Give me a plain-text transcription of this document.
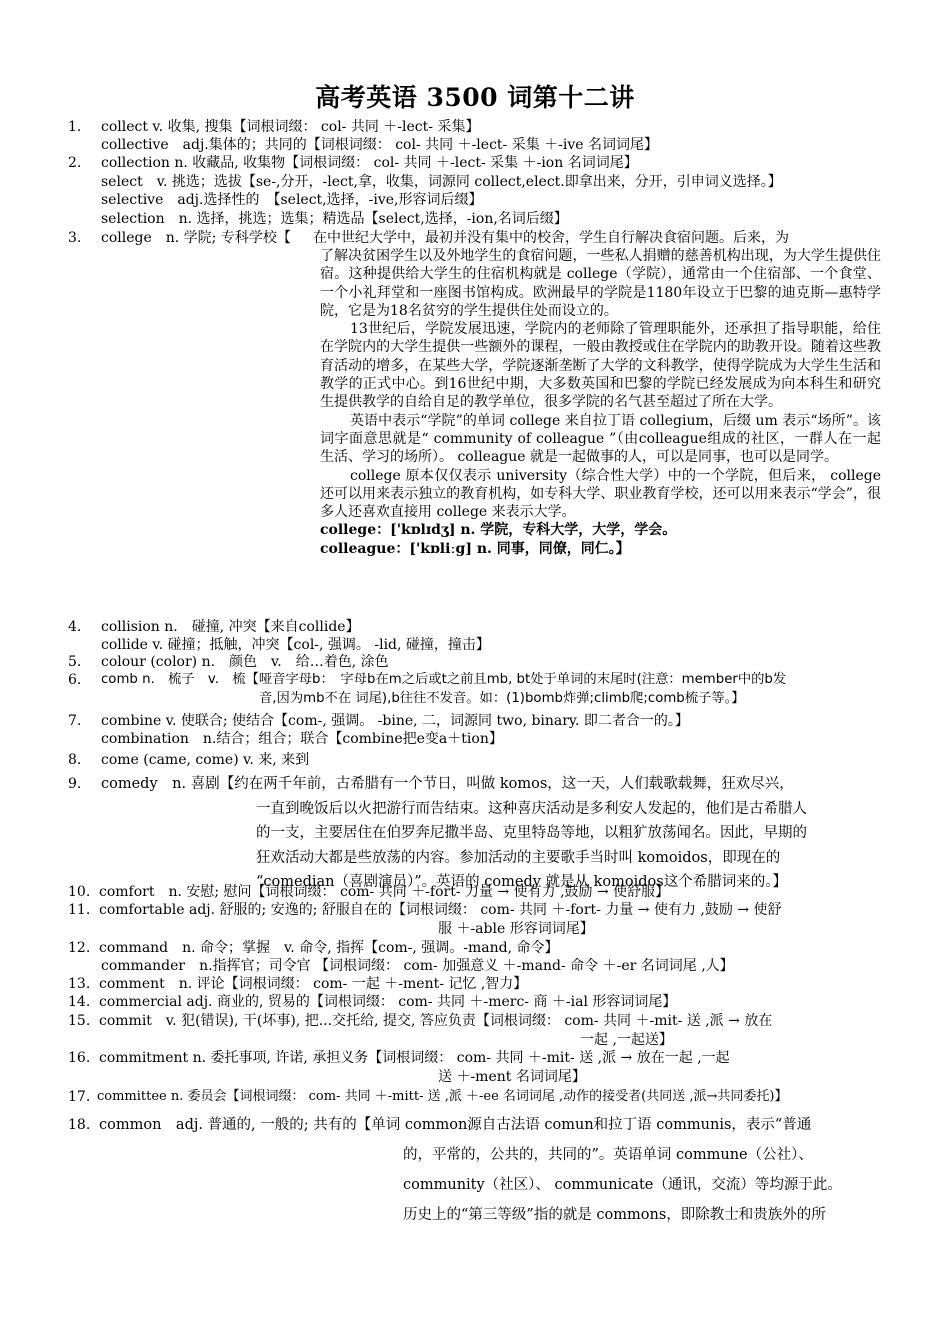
高考英语 3500 词第十二讲
1. collect v. 收集, 搜集【词根词缀： col- 共同 ＋-lect- 采集】
collective　adj.集体的；共同的【词根词缀： col- 共同 ＋-lect- 采集 ＋-ive 名词词尾】
2. collection n. 收藏品, 收集物【词根词缀： col- 共同 ＋-lect- 采集 ＋-ion 名词词尾】
select　v. 挑选；选拔【se-,分开，-lect,拿，收集，词源同 collect,elect.即拿出来，分开，引申词义选择。】
selective　adj.选择性的　【select,选择，-ive,形容词后缀】
selection　n. 选择，挑选；选集；精选品【select,选择，-ion,名词后缀】
3. college　n. 学院; 专科学校【 在中世纪大学中，最初并没有集中的校舍，学生自行解决食宿问题。后来，为

了解决贫困学生以及外地学生的食宿问题，一些私人捐赠的慈善机构出现，为大学生提供住宿。这种提供给大学生的住宿机构就是 college（学院），通常由一个住宿部、一个食堂、一个小礼拜堂和一座图书馆构成。欧洲最早的学院是1180年设立于巴黎的迪克斯—惠特学院，它是为18名贫穷的学生提供住处而设立的。

13世纪后，学院发展迅速，学院内的老师除了管理职能外，还承担了指导职能，给住在学院内的大学生提供一些额外的课程，一般由教授或住在学院内的助教开设。随着这些教育活动的增多，在某些大学，学院逐渐垄断了大学的文科教学，使得学院成为大学生生活和教学的正式中心。到16世纪中期，大多数英国和巴黎的学院已经发展成为向本科生和研究生提供教学的自给自足的教学单位，很多学院的名气甚至超过了所在大学。

英语中表示“学院”的单词 college 来自拉丁语 collegium，后缀 um 表示“场所”。该词字面意思就是“ community of colleague ”（由colleague组成的社区，一群人在一起生活、学习的场所）。 colleague 就是一起做事的人，可以是同事，也可以是同学。

college 原本仅仅表示 university（综合性大学）中的一个学院，但后来， college 还可以用来表示独立的教育机构，如专科大学、职业教育学校，还可以用来表示“学会”，很多人还喜欢直接用 college 来表示大学。

college：['kɒlɪdʒ] n. 学院，专科大学，大学，学会。

colleague：['kɒliːg] n. 同事，同僚，同仁。】

4. collision n.　碰撞, 冲突【来自collide】
collide v. 碰撞；抵触，冲突【col-, 强调。 -lid, 碰撞，撞击】
5. colour (color) n.　颜色　v.　给…着色, 涂色
6. comb n.　梳子　v.　梳【哑音字母b：　字母b在m之后或t之前且mb, bt处于单词的末尾时(注意：member中的b发
音,因为mb不在 词尾),b往往不发音。如：(1)bomb炸弹;climb爬;comb梳子等。】
7. combine v. 使联合; 使结合【com-, 强调。 -bine, 二，词源同 two, binary. 即二者合一的。】
combination　n.结合；组合；联合【combine把e变a＋tion】
8. come (came, come) v. 来, 来到
9. comedy　n. 喜剧【约在两千年前，古希腊有一个节日，叫做 komos，这一天，人们载歌载舞，狂欢尽兴，
一直到晚饭后以火把游行而告结束。这种喜庆活动是多利安人发起的，他们是古希腊人
的一支，主要居住在伯罗奔尼撒半岛、克里特岛等地，以粗犷放荡闻名。因此，早期的
狂欢活动大都是些放荡的内容。参加活动的主要歌手当时叫 komoidos，即现在的
“comedian（喜剧演员）”。英语的 comedy 就是从 komoidos这个希腊词来的。】
10. comfort　n. 安慰; 慰问【词根词缀： com- 共同 ＋-fort- 力量 → 使有力 ,鼓励 → 使舒服】
11. comfortable adj. 舒服的; 安逸的; 舒服自在的【词根词缀： com- 共同 ＋-fort- 力量 → 使有力 ,鼓励 → 使舒
服 ＋-able 形容词词尾】
12. command　n. 命令；掌握　v. 命令, 指挥【com-, 强调。-mand, 命令】
commander　n.指挥官；司令官 【词根词缀： com- 加强意义 ＋-mand- 命令 ＋-er 名词词尾 ,人】
13. comment　n. 评论【词根词缀： com- 一起 ＋-ment- 记忆 ,智力】
14. commercial adj. 商业的, 贸易的【词根词缀： com- 共同 ＋-merc- 商 ＋-ial 形容词词尾】
15. commit　v. 犯(错误), 干(坏事), 把...交托给, 提交, 答应负责【词根词缀： com- 共同 ＋-mit- 送 ,派 → 放在
一起 ,一起送】
16. commitment n. 委托事项, 许诺, 承担义务【词根词缀： com- 共同 ＋-mit- 送 ,派 → 放在一起 ,一起
送 ＋-ment 名词词尾】
17. committee n. 委员会【词根词缀： com- 共同 ＋-mitt- 送 ,派 ＋-ee 名词词尾 ,动作的接受者(共同送 ,派→共同委托)】
18. common　adj. 普通的, 一般的; 共有的【单词 common源自古法语 comun和拉丁语 communis，表示“普通
的，平常的，公共的，共同的”。英语单词 commune（公社）、
community（社区）、 communicate（通讯，交流）等均源于此。
历史上的“第三等级”指的就是 commons，即除教士和贵族外的所
